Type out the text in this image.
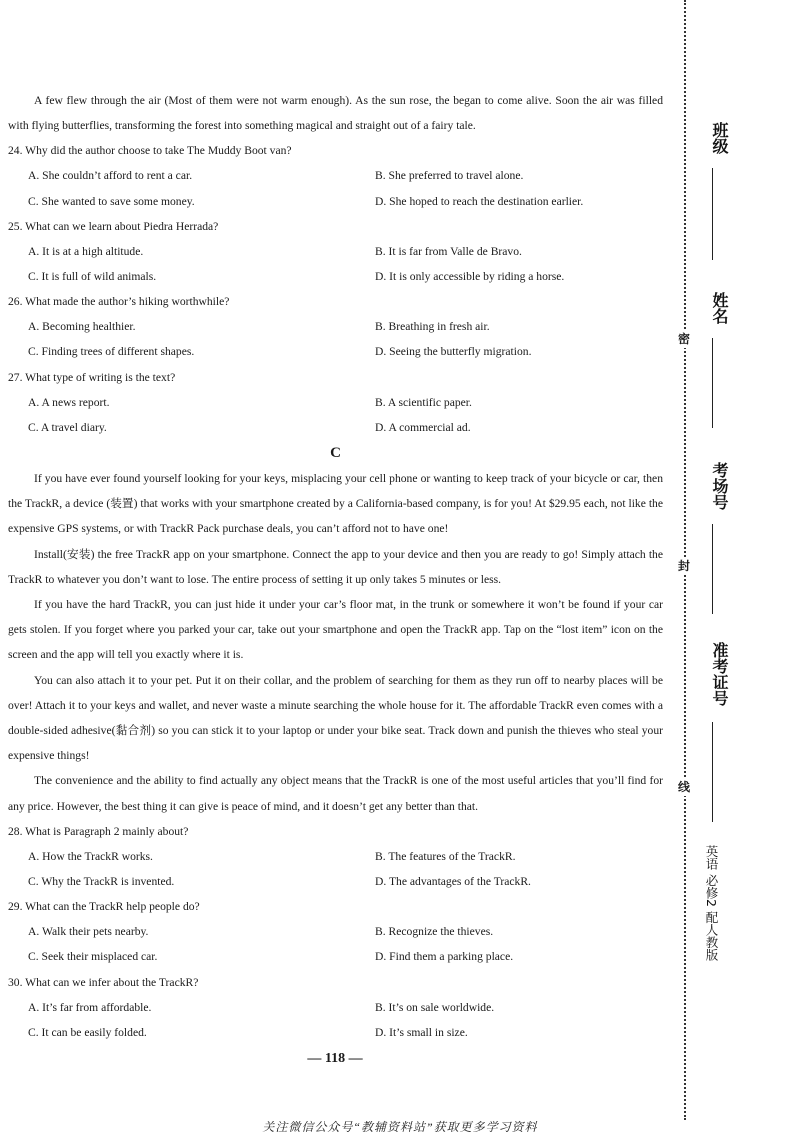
A few flew through the air (Most of them were not warm enough). As the sun rose, the began to come alive. Soon the air was filled with flying butterflies, transforming the forest into something magical and straight out of a fairy tale.

24. Why did the author choose to take The Muddy Boot van?

A. She couldn’t afford to rent a car.	B. She preferred to travel alone.
C. She wanted to save some money.	D. She hoped to reach the destination earlier.

25. What can we learn about Piedra Herrada?

A. It is at a high altitude.	B. It is far from Valle de Bravo.
C. It is full of wild animals.	D. It is only accessible by riding a horse.

26. What made the author’s hiking worthwhile?

A. Becoming healthier.	B. Breathing in fresh air.
C. Finding trees of different shapes.	D. Seeing the butterfly migration.

27. What type of writing is the text?

A. A news report.	B. A scientific paper.
C. A travel diary.	D. A commercial ad.

C

If you have ever found yourself looking for your keys, misplacing your cell phone or wanting to keep track of your bicycle or car, then the TrackR, a device (装置) that works with your smartphone created by a California-based company, is for you! At $29.95 each, not like the expensive GPS systems, or with TrackR Pack purchase deals, you can’t afford not to have one!

Install(安装) the free TrackR app on your smartphone. Connect the app to your device and then you are ready to go! Simply attach the TrackR to whatever you don’t want to lose. The entire process of setting it up only takes 5 minutes or less.

If you have the hard TrackR, you can just hide it under your car’s floor mat, in the trunk or somewhere it won’t be found if your car gets stolen. If you forget where you parked your car, take out your smartphone and open the TrackR app. Tap on the “lost item” icon on the screen and the app will tell you exactly where it is.

You can also attach it to your pet. Put it on their collar, and the problem of searching for them as they run off to nearby places will be over! Attach it to your keys and wallet, and never waste a minute searching the whole house for it. The affordable TrackR even comes with a double-sided adhesive(黏合剂) so you can stick it to your laptop or under your bike seat. Track down and punish the thieves who steal your expensive things!

The convenience and the ability to find actually any object means that the TrackR is one of the most useful articles that you’ll find for any price. However, the best thing it can give is peace of mind, and it doesn’t get any better than that.

28. What is Paragraph 2 mainly about?

A. How the TrackR works.	B. The features of the TrackR.
C. Why the TrackR is invented.	D. The advantages of the TrackR.

29. What can the TrackR help people do?

A. Walk their pets nearby.	B. Recognize the thieves.
C. Seek their misplaced car.	D. Find them a parking place.

30. What can we infer about the TrackR?

A. It’s far from affordable.	B. It’s on sale worldwide.
C. It can be easily folded.	D. It’s small in size.
— 118 —
关注微信公众号“教辅资料站”获取更多学习资料
班级
姓名
考场号
准考证号
密
封
线
英语 必修2 配人教版
